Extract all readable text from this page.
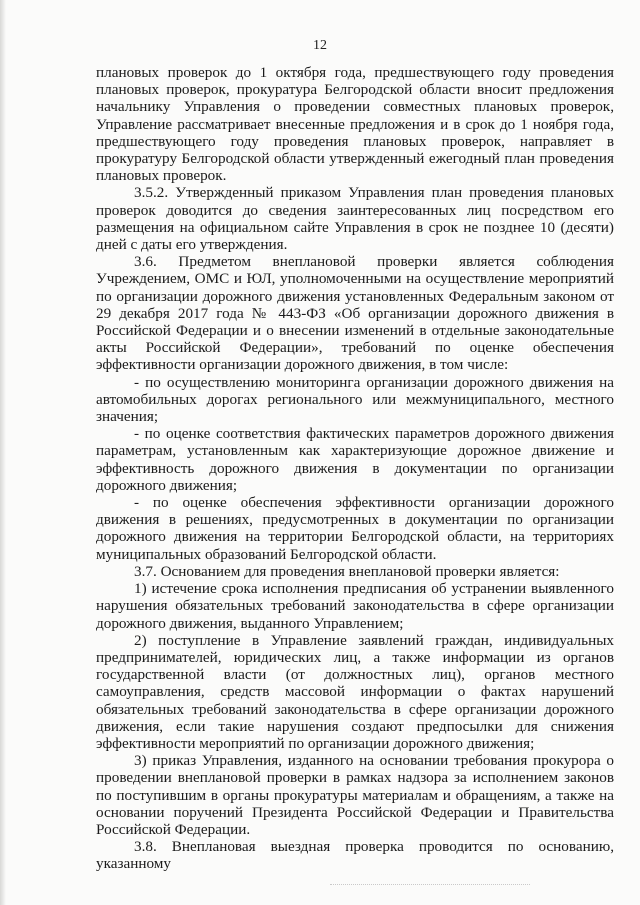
12

плановых проверок до 1 октября года, предшествующего году проведения плановых проверок, прокуратура Белгородской области вносит предложения начальнику Управления о проведении совместных плановых проверок, Управление рассматривает внесенные предложения и в срок до 1 ноября года, предшествующего году проведения плановых проверок, направляет в прокуратуру Белгородской области утвержденный ежегодный план проведения плановых проверок.

3.5.2. Утвержденный приказом Управления план проведения плановых проверок доводится до сведения заинтересованных лиц посредством его размещения на официальном сайте Управления в срок не позднее 10 (десяти) дней с даты его утверждения.

3.6. Предметом внеплановой проверки является соблюдения Учреждением, ОМС и ЮЛ, уполномоченными на осуществление мероприятий по организации дорожного движения установленных Федеральным законом от 29 декабря 2017 года № 443-ФЗ «Об организации дорожного движения в Российской Федерации и о внесении изменений в отдельные законодательные акты Российской Федерации», требований по оценке обеспечения эффективности организации дорожного движения, в том числе:

- по осуществлению мониторинга организации дорожного движения на автомобильных дорогах регионального или межмуниципального, местного значения;

- по оценке соответствия фактических параметров дорожного движения параметрам, установленным как характеризующие дорожное движение и эффективность дорожного движения в документации по организации дорожного движения;

- по оценке обеспечения эффективности организации дорожного движения в решениях, предусмотренных в документации по организации дорожного движения на территории Белгородской области, на территориях муниципальных образований Белгородской области.

3.7. Основанием для проведения внеплановой проверки является:

1) истечение срока исполнения предписания об устранении выявленного нарушения обязательных требований законодательства в сфере организации дорожного движения, выданного Управлением;

2) поступление в Управление заявлений граждан, индивидуальных предпринимателей, юридических лиц, а также информации из органов государственной власти (от должностных лиц), органов местного самоуправления, средств массовой информации о фактах нарушений обязательных требований законодательства в сфере организации дорожного движения, если такие нарушения создают предпосылки для снижения эффективности мероприятий по организации дорожного движения;

3) приказ Управления, изданного на основании требования прокурора о проведении внеплановой проверки в рамках надзора за исполнением законов по поступившим в органы прокуратуры материалам и обращениям, а также на основании поручений Президента Российской Федерации и Правительства Российской Федерации.

3.8. Внеплановая выездная проверка проводится по основанию, указанному
